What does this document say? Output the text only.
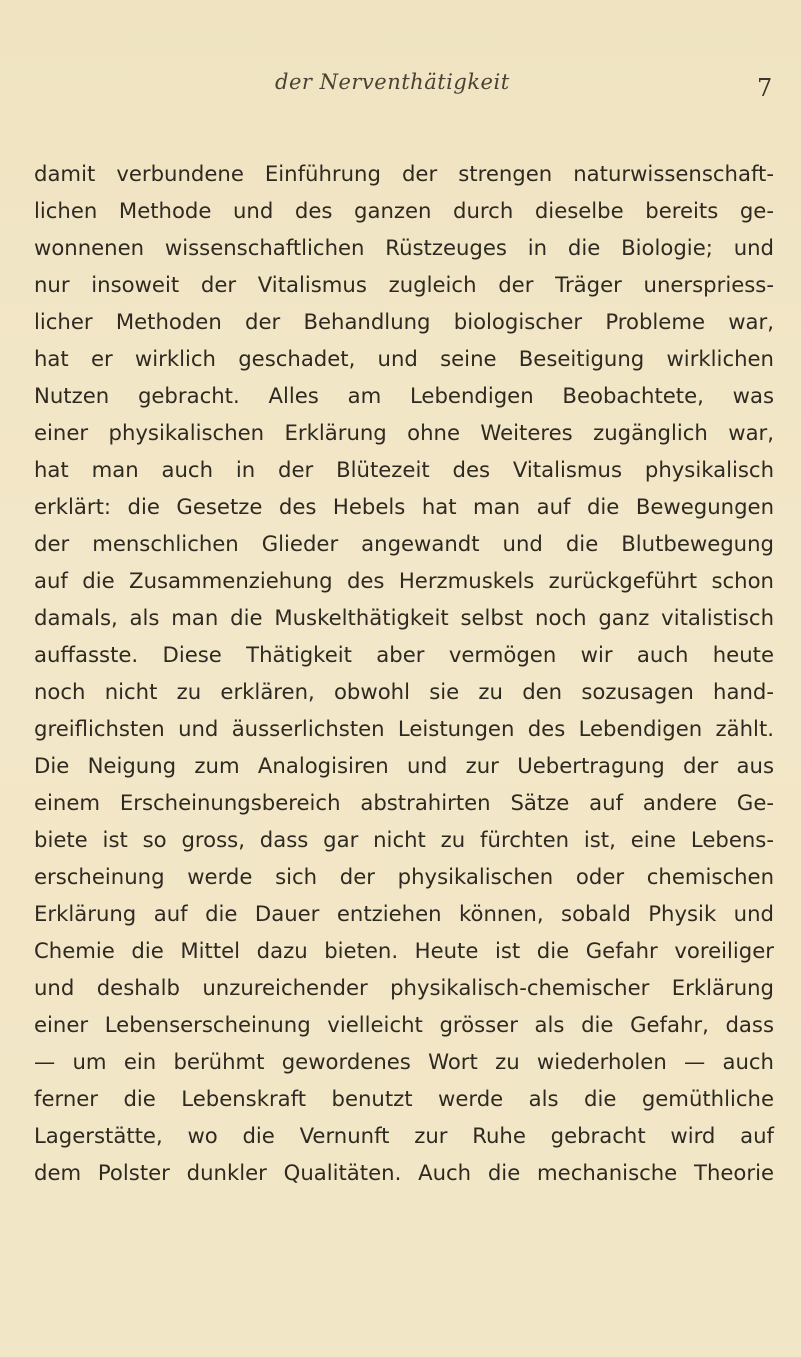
der Nerventhätigkeit	7
damit verbundene Einführung der strengen naturwissenschaft-
lichen Methode und des ganzen durch dieselbe bereits ge-
wonnenen wissenschaftlichen Rüstzeuges in die Biologie; und
nur insoweit der Vitalismus zugleich der Träger unerspriess-
licher Methoden der Behandlung biologischer Probleme war,
hat er wirklich geschadet, und seine Beseitigung wirklichen
Nutzen gebracht. Alles am Lebendigen Beobachtete, was
einer physikalischen Erklärung ohne Weiteres zugänglich war,
hat man auch in der Blütezeit des Vitalismus physikalisch
erklärt: die Gesetze des Hebels hat man auf die Bewegungen
der menschlichen Glieder angewandt und die Blutbewegung
auf die Zusammenziehung des Herzmuskels zurückgeführt schon
damals, als man die Muskelthätigkeit selbst noch ganz vitalistisch
auffasste. Diese Thätigkeit aber vermögen wir auch heute
noch nicht zu erklären, obwohl sie zu den sozusagen hand-
greiflichsten und äusserlichsten Leistungen des Lebendigen zählt.
Die Neigung zum Analogisiren und zur Uebertragung der aus
einem Erscheinungsbereich abstrahirten Sätze auf andere Ge-
biete ist so gross, dass gar nicht zu fürchten ist, eine Lebens-
erscheinung werde sich der physikalischen oder chemischen
Erklärung auf die Dauer entziehen können, sobald Physik und
Chemie die Mittel dazu bieten. Heute ist die Gefahr voreiliger
und deshalb unzureichender physikalisch-chemischer Erklärung
einer Lebenserscheinung vielleicht grösser als die Gefahr, dass
— um ein berühmt gewordenes Wort zu wiederholen — auch
ferner die Lebenskraft benutzt werde als die gemüthliche
Lagerstätte, wo die Vernunft zur Ruhe gebracht wird auf
dem Polster dunkler Qualitäten. Auch die mechanische Theorie
